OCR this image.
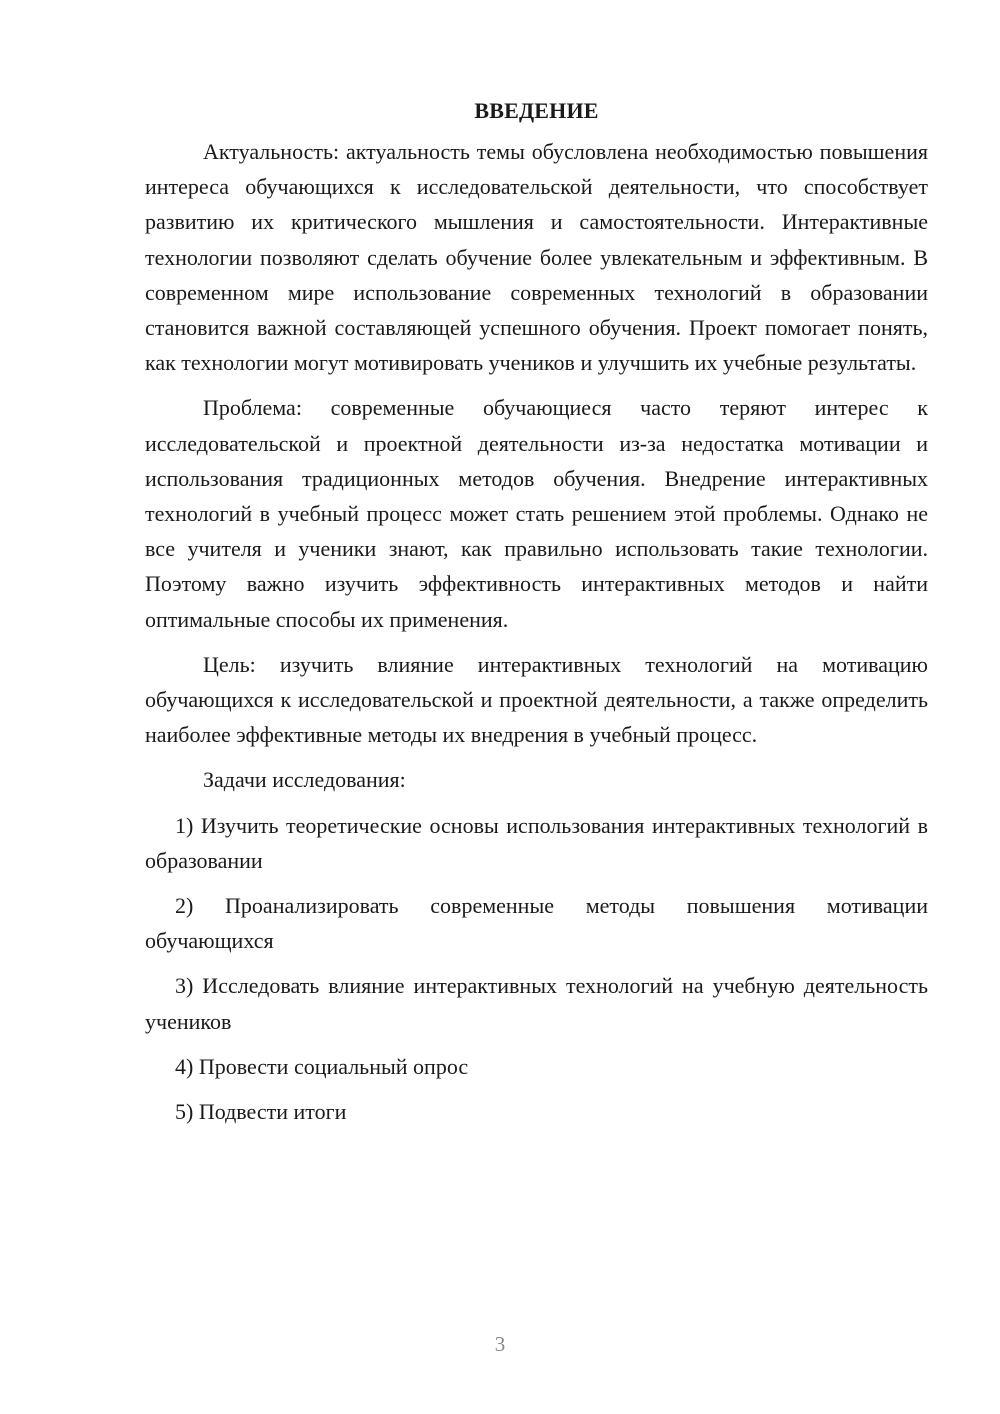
ВВЕДЕНИЕ

Актуальность: актуальность темы обусловлена необходимостью повышения интереса обучающихся к исследовательской деятельности, что способствует развитию их критического мышления и самостоятельности. Интерактивные технологии позволяют сделать обучение более увлекательным и эффективным. В современном мире использование современных технологий в образовании становится важной составляющей успешного обучения. Проект помогает понять, как технологии могут мотивировать учеников и улучшить их учебные результаты.

Проблема: современные обучающиеся часто теряют интерес к исследовательской и проектной деятельности из-за недостатка мотивации и использования традиционных методов обучения. Внедрение интерактивных технологий в учебный процесс может стать решением этой проблемы. Однако не все учителя и ученики знают, как правильно использовать такие технологии. Поэтому важно изучить эффективность интерактивных методов и найти оптимальные способы их применения.

Цель: изучить влияние интерактивных технологий на мотивацию обучающихся к исследовательской и проектной деятельности, а также определить наиболее эффективные методы их внедрения в учебный процесс.

Задачи исследования:

1) Изучить теоретические основы использования интерактивных технологий в образовании

2) Проанализировать современные методы повышения мотивации обучающихся

3) Исследовать влияние интерактивных технологий на учебную деятельность учеников

4) Провести социальный опрос

5) Подвести итоги

3
